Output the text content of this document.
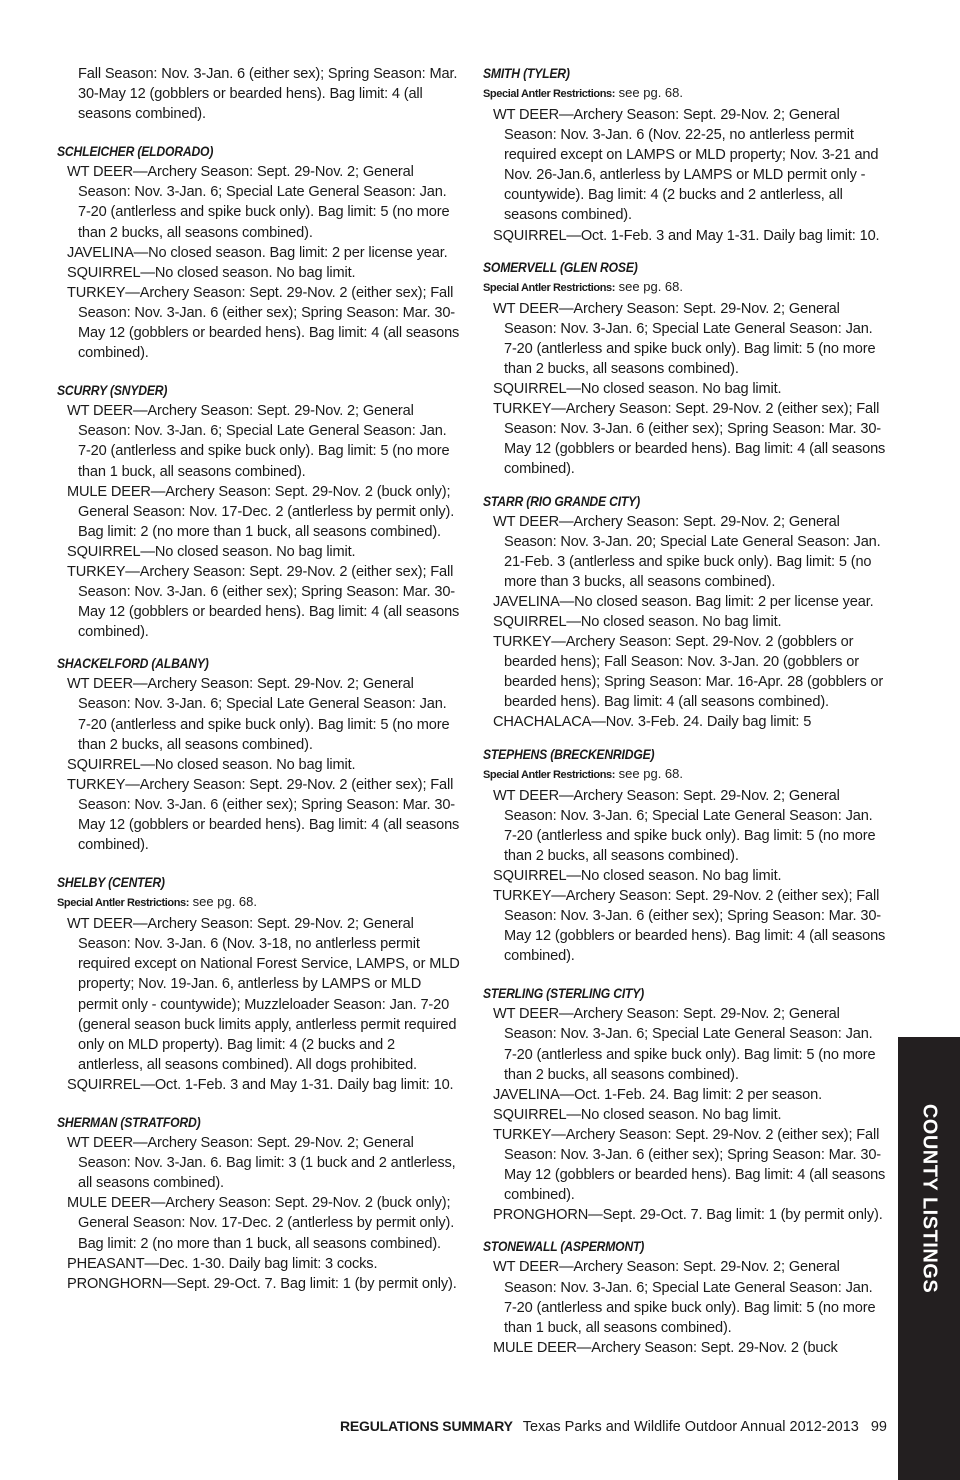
Fall Season: Nov. 3-Jan. 6 (either sex); Spring Season: Mar. 30-May 12 (gobblers or bearded hens). Bag limit: 4 (all seasons combined).

SCHLEICHER (ELDORADO)

WT DEER—Archery Season: Sept. 29-Nov. 2; General Season: Nov. 3-Jan. 6; Special Late General Season: Jan. 7-20 (antlerless and spike buck only). Bag limit: 5 (no more than 2 bucks, all seasons combined).

JAVELINA—No closed season. Bag limit: 2 per license year.

SQUIRREL—No closed season. No bag limit.

TURKEY—Archery Season: Sept. 29-Nov. 2 (either sex); Fall Season: Nov. 3-Jan. 6 (either sex); Spring Season: Mar. 30-May 12 (gobblers or bearded hens). Bag limit: 4 (all seasons combined).

SCURRY (SNYDER)

WT DEER—Archery Season: Sept. 29-Nov. 2; General Season: Nov. 3-Jan. 6; Special Late General Season: Jan. 7-20 (antlerless and spike buck only). Bag limit: 5 (no more than 1 buck, all seasons combined).

MULE DEER—Archery Season: Sept. 29-Nov. 2 (buck only); General Season: Nov. 17-Dec. 2 (antlerless by permit only). Bag limit: 2 (no more than 1 buck, all seasons combined).

SQUIRREL—No closed season. No bag limit.

TURKEY—Archery Season: Sept. 29-Nov. 2 (either sex); Fall Season: Nov. 3-Jan. 6 (either sex); Spring Season: Mar. 30-May 12 (gobblers or bearded hens). Bag limit: 4 (all seasons combined).

SHACKELFORD (ALBANY)

WT DEER—Archery Season: Sept. 29-Nov. 2; General Season: Nov. 3-Jan. 6; Special Late General Season: Jan. 7-20 (antlerless and spike buck only). Bag limit: 5 (no more than 2 bucks, all seasons combined).

SQUIRREL—No closed season. No bag limit.

TURKEY—Archery Season: Sept. 29-Nov. 2 (either sex); Fall Season: Nov. 3-Jan. 6 (either sex); Spring Season: Mar. 30-May 12 (gobblers or bearded hens). Bag limit: 4 (all seasons combined).

SHELBY (CENTER)

Special Antler Restrictions: see pg. 68.

WT DEER—Archery Season: Sept. 29-Nov. 2; General Season: Nov. 3-Jan. 6 (Nov. 3-18, no antlerless permit required except on National Forest Service, LAMPS, or MLD property; Nov. 19-Jan. 6, antlerless by LAMPS or MLD permit only - countywide); Muzzleloader Season: Jan. 7-20 (general season buck limits apply, antlerless permit required only on MLD property). Bag limit: 4 (2 bucks and 2 antlerless, all seasons combined). All dogs prohibited.

SQUIRREL—Oct. 1-Feb. 3 and May 1-31. Daily bag limit: 10.

SHERMAN (STRATFORD)

WT DEER—Archery Season: Sept. 29-Nov. 2; General Season: Nov. 3-Jan. 6. Bag limit: 3 (1 buck and 2 antlerless, all seasons combined).

MULE DEER—Archery Season: Sept. 29-Nov. 2 (buck only); General Season: Nov. 17-Dec. 2 (antlerless by permit only). Bag limit: 2 (no more than 1 buck, all seasons combined).

PHEASANT—Dec. 1-30. Daily bag limit: 3 cocks.

PRONGHORN—Sept. 29-Oct. 7. Bag limit: 1 (by permit only).

SMITH (TYLER)

Special Antler Restrictions: see pg. 68.

WT DEER—Archery Season: Sept. 29-Nov. 2; General Season: Nov. 3-Jan. 6 (Nov. 22-25, no antlerless permit required except on LAMPS or MLD property; Nov. 3-21 and Nov. 26-Jan.6, antlerless by LAMPS or MLD permit only - countywide). Bag limit: 4 (2 bucks and 2 antlerless, all seasons combined).

SQUIRREL—Oct. 1-Feb. 3 and May 1-31. Daily bag limit: 10.

SOMERVELL (GLEN ROSE)

Special Antler Restrictions: see pg. 68.

WT DEER—Archery Season: Sept. 29-Nov. 2; General Season: Nov. 3-Jan. 6; Special Late General Season: Jan. 7-20 (antlerless and spike buck only). Bag limit: 5 (no more than 2 bucks, all seasons combined).

SQUIRREL—No closed season. No bag limit.

TURKEY—Archery Season: Sept. 29-Nov. 2 (either sex); Fall Season: Nov. 3-Jan. 6 (either sex); Spring Season: Mar. 30-May 12 (gobblers or bearded hens). Bag limit: 4 (all seasons combined).

STARR (RIO GRANDE CITY)

WT DEER—Archery Season: Sept. 29-Nov. 2; General Season: Nov. 3-Jan. 20; Special Late General Season: Jan. 21-Feb. 3 (antlerless and spike buck only). Bag limit: 5 (no more than 3 bucks, all seasons combined).

JAVELINA—No closed season. Bag limit: 2 per license year.

SQUIRREL—No closed season. No bag limit.

TURKEY—Archery Season: Sept. 29-Nov. 2 (gobblers or bearded hens); Fall Season: Nov. 3-Jan. 20 (gobblers or bearded hens); Spring Season: Mar. 16-Apr. 28 (gobblers or bearded hens). Bag limit: 4 (all seasons combined).

CHACHALACA—Nov. 3-Feb. 24. Daily bag limit: 5

STEPHENS (BRECKENRIDGE)

Special Antler Restrictions: see pg. 68.

WT DEER—Archery Season: Sept. 29-Nov. 2; General Season: Nov. 3-Jan. 6; Special Late General Season: Jan. 7-20 (antlerless and spike buck only). Bag limit: 5 (no more than 2 bucks, all seasons combined).

SQUIRREL—No closed season. No bag limit.

TURKEY—Archery Season: Sept. 29-Nov. 2 (either sex); Fall Season: Nov. 3-Jan. 6 (either sex); Spring Season: Mar. 30-May 12 (gobblers or bearded hens). Bag limit: 4 (all seasons combined).

STERLING (STERLING CITY)

WT DEER—Archery Season: Sept. 29-Nov. 2; General Season: Nov. 3-Jan. 6; Special Late General Season: Jan. 7-20 (antlerless and spike buck only). Bag limit: 5 (no more than 2 bucks, all seasons combined).

JAVELINA—Oct. 1-Feb. 24. Bag limit: 2 per season.

SQUIRREL—No closed season. No bag limit.

TURKEY—Archery Season: Sept. 29-Nov. 2 (either sex); Fall Season: Nov. 3-Jan. 6 (either sex); Spring Season: Mar. 30-May 12 (gobblers or bearded hens). Bag limit: 4 (all seasons combined).

PRONGHORN—Sept. 29-Oct. 7. Bag limit: 1 (by permit only).

STONEWALL (ASPERMONT)

WT DEER—Archery Season: Sept. 29-Nov. 2; General Season: Nov. 3-Jan. 6; Special Late General Season: Jan. 7-20 (antlerless and spike buck only). Bag limit: 5 (no more than 1 buck, all seasons combined).

MULE DEER—Archery Season: Sept. 29-Nov. 2 (buck

COUNTY LISTINGS
REGULATIONS SUMMARY Texas Parks and Wildlife Outdoor Annual 2012-2013 99
